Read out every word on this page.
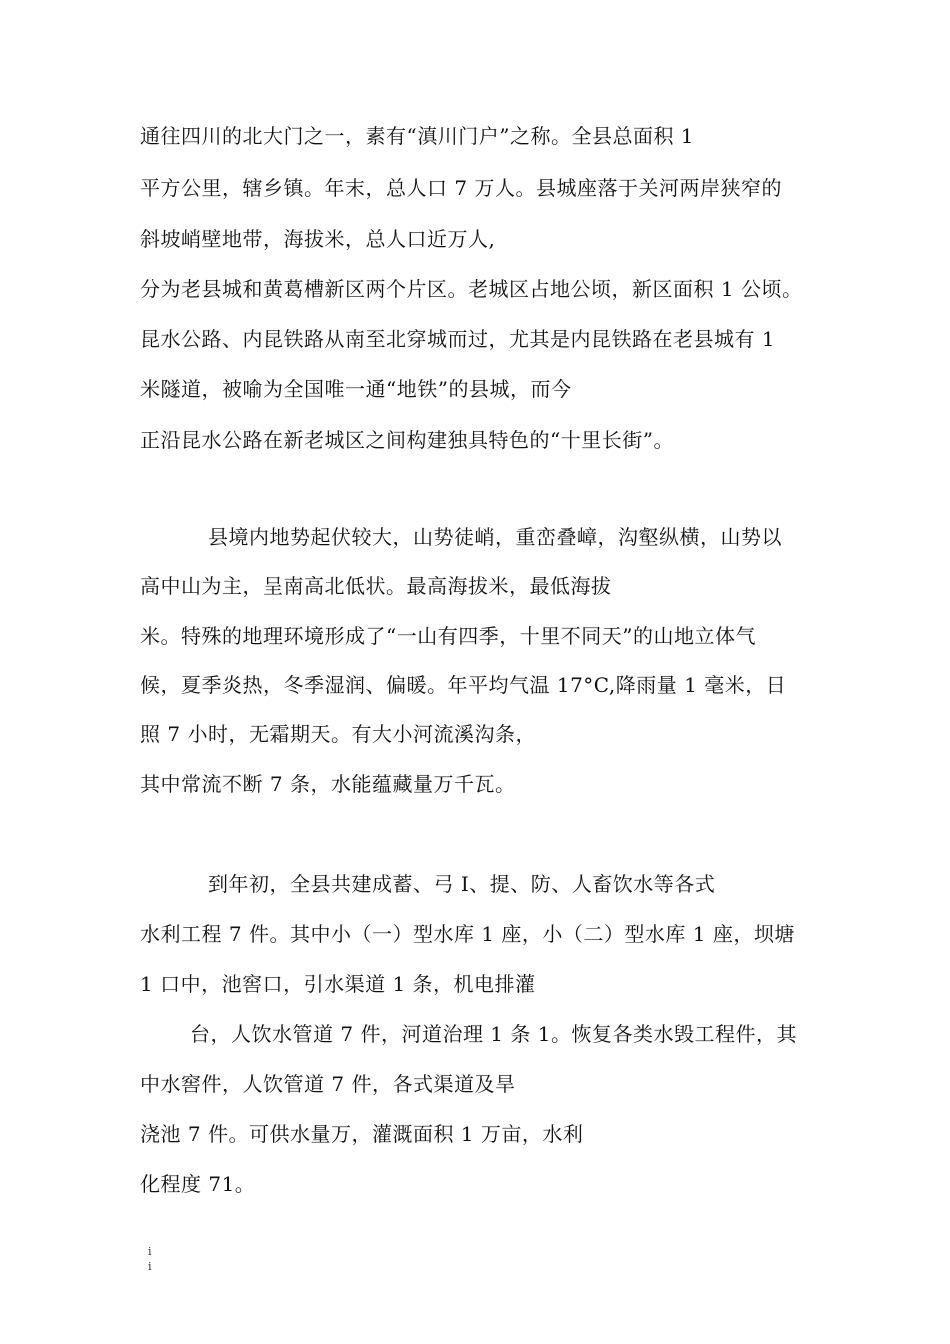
通往四川的北大门之一，素有“滇川门户”之称。全县总面积 1
平方公里，辖乡镇。年末，总人口 7 万人。县城座落于关河两岸狭窄的
斜坡峭壁地带，海拔米，总人口近万人,
分为老县城和黄葛槽新区两个片区。老城区占地公顷，新区面积 1 公顷。
昆水公路、内昆铁路从南至北穿城而过，尤其是内昆铁路在老县城有 1
米隧道，被喻为全国唯一通“地铁”的县城，而今
正沿昆水公路在新老城区之间构建独具特色的“十里长街”。
县境内地势起伏较大，山势徒峭，重峦叠嶂，沟壑纵横，山势以
高中山为主，呈南高北低状。最高海拔米，最低海拔
米。特殊的地理环境形成了“一山有四季，十里不同天”的山地立体气
候，夏季炎热，冬季湿润、偏暖。年平均气温 17°C,降雨量 1 毫米，日
照 7 小时，无霜期天。有大小河流溪沟条，
其中常流不断 7 条，水能蕴藏量万千瓦。
到年初，全县共建成蓄、弓 I、提、防、人畜饮水等各式
水利工程 7 件。其中小（一）型水库 1 座，小（二）型水库 1 座，坝塘
1 口中，池窖口，引水渠道 1 条，机电排灌
台，人饮水管道 7 件，河道治理 1 条 1。恢复各类水毁工程件，其
中水窖件，人饮管道 7 件，各式渠道及旱
浇池 7 件。可供水量万，灌溉面积 1 万亩，水利
化程度 71。
i
i
